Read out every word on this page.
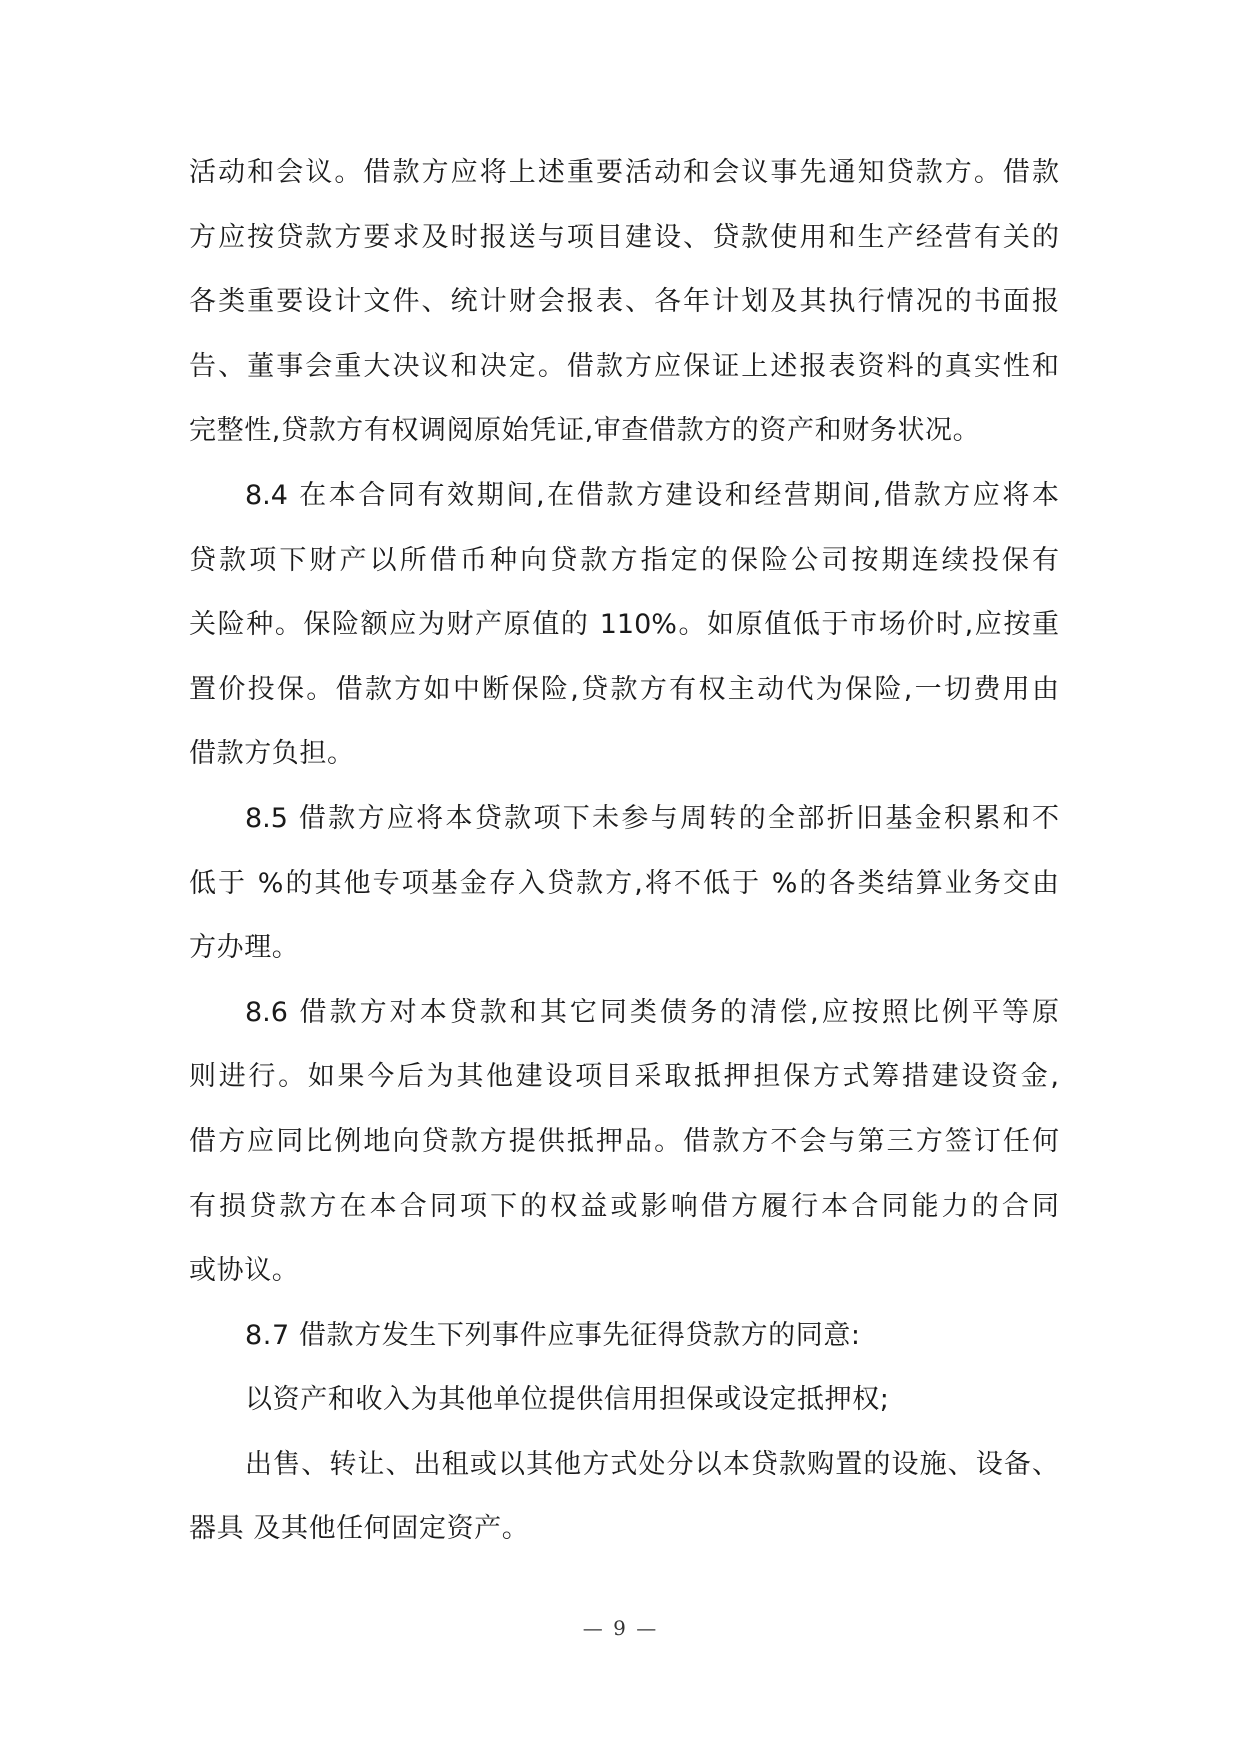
活动和会议。借款方应将上述重要活动和会议事先通知贷款方。借款
方应按贷款方要求及时报送与项目建设、贷款使用和生产经营有关的
各类重要设计文件、统计财会报表、各年计划及其执行情况的书面报
告、董事会重大决议和决定。借款方应保证上述报表资料的真实性和
完整性,贷款方有权调阅原始凭证,审查借款方的资产和财务状况。
8.4 在本合同有效期间,在借款方建设和经营期间,借款方应将本
贷款项下财产以所借币种向贷款方指定的保险公司按期连续投保有
关险种。保险额应为财产原值的 110%。如原值低于市场价时,应按重
置价投保。借款方如中断保险,贷款方有权主动代为保险,一切费用由
借款方负担。
8.5 借款方应将本贷款项下未参与周转的全部折旧基金积累和不
低于 %的其他专项基金存入贷款方,将不低于 %的各类结算业务交由
方办理。
8.6 借款方对本贷款和其它同类债务的清偿,应按照比例平等原
则进行。如果今后为其他建设项目采取抵押担保方式筹措建设资金,
借方应同比例地向贷款方提供抵押品。借款方不会与第三方签订任何
有损贷款方在本合同项下的权益或影响借方履行本合同能力的合同
或协议。
8.7 借款方发生下列事件应事先征得贷款方的同意:
以资产和收入为其他单位提供信用担保或设定抵押权;
出售、转让、出租或以其他方式处分以本贷款购置的设施、设备、
器具 及其他任何固定资产。
— 9 —
